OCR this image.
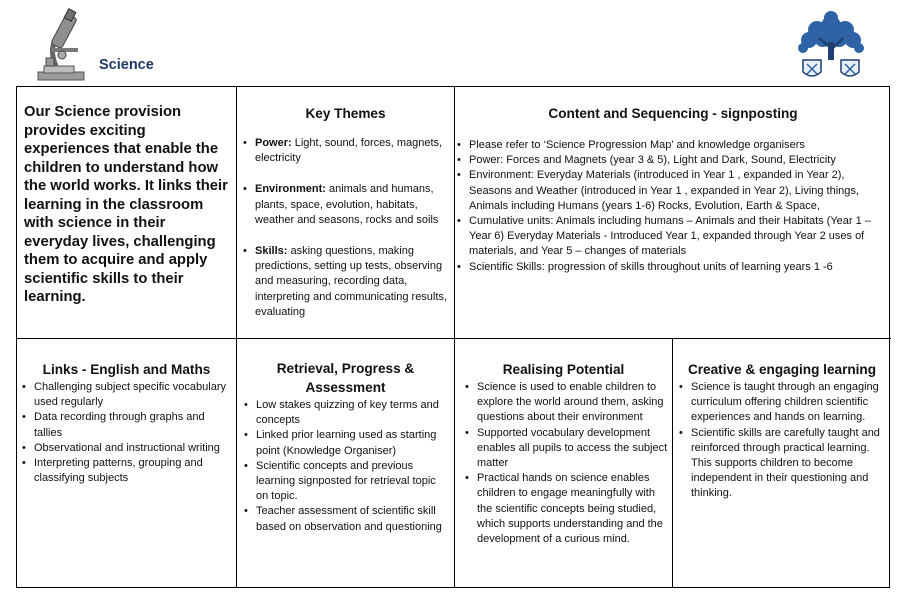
Science
Our Science provision provides exciting experiences that enable the children to understand how the world works. It links their learning in the classroom with science in their everyday lives, challenging them to acquire and apply scientific skills to their learning.
Key Themes
• Power: Light, sound, forces, magnets, electricity
• Environment: animals and humans, plants, space, evolution, habitats, weather and seasons, rocks and soils
• Skills: asking questions, making predictions, setting up tests, observing and measuring, recording data, interpreting and communicating results, evaluating
Content and Sequencing - signposting
• Please refer to ‘Science Progression Map’ and knowledge organisers
• Power: Forces and Magnets (year 3 & 5), Light and Dark, Sound, Electricity
• Environment: Everyday Materials (introduced in Year 1 , expanded in Year 2), Seasons and Weather (introduced in Year 1 , expanded in Year 2), Living things, Animals including Humans (years 1-6) Rocks, Evolution, Earth & Space,
• Cumulative units: Animals including humans – Animals and their Habitats (Year 1 – Year 6) Everyday Materials - Introduced Year 1, expanded through Year 2 uses of materials, and Year 5 – changes of materials
• Scientific Skills: progression of skills throughout units of learning years 1 -6
Links - English and Maths
• Challenging subject specific vocabulary used regularly
• Data recording through graphs and tallies
• Observational and instructional writing
• Interpreting patterns, grouping and classifying subjects
Retrieval, Progress & Assessment
• Low stakes quizzing of key terms and concepts
• Linked prior learning used as starting point (Knowledge Organiser)
• Scientific concepts and previous learning signposted for retrieval topic on topic.
• Teacher assessment of scientific skill based on observation and questioning
Realising Potential
• Science is used to enable children to explore the world around them, asking questions about their environment
• Supported vocabulary development enables all pupils to access the subject matter
• Practical hands on science enables children to engage meaningfully with the scientific concepts being studied, which supports understanding and the development of a curious mind.
Creative & engaging learning
• Science is taught through an engaging curriculum offering children scientific experiences and hands on learning.
• Scientific skills are carefully taught and reinforced through practical learning. This supports children to become independent in their questioning and thinking.
